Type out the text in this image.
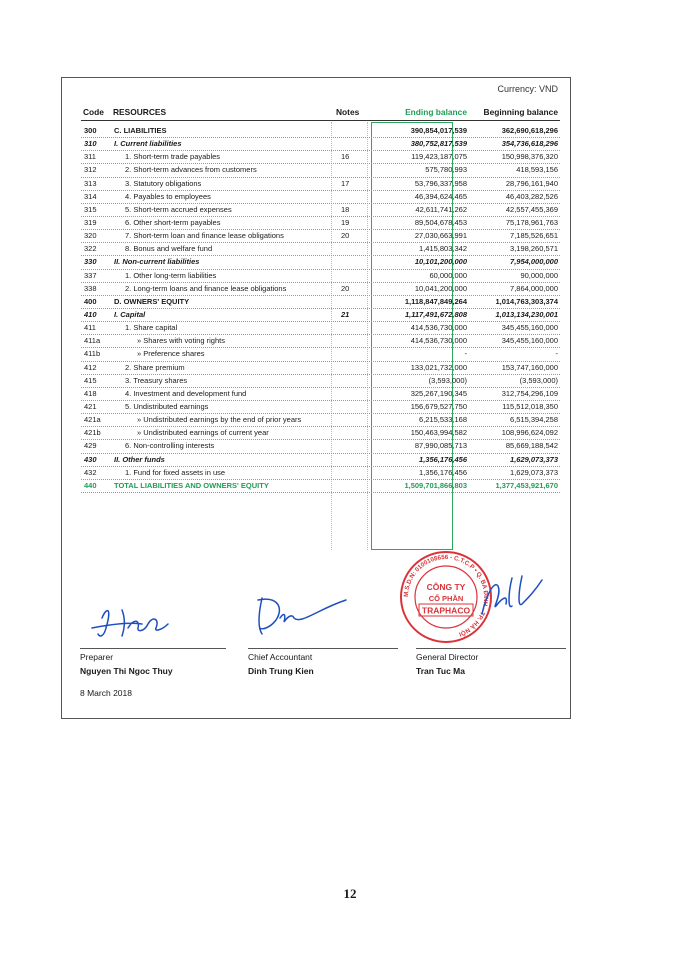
Currency: VND
Code RESOURCES	Notes	Ending balance Beginning balance
300 C. LIABILITIES	390,854,017,539	362,690,618,296
310 I. Current liabilities	380,752,817,539	354,736,618,296
311	1. Short-term trade payables	16	119,423,187,075	150,998,376,320
312	2. Short-term advances from customers	575,780,993	418,593,156
313	3. Statutory obligations	17	53,796,337,958	28,796,161,940
314	4. Payables to employees	46,394,624,465	46,403,282,526
315	5. Short-term accrued expenses	18	42,611,741,262	42,557,455,369
319	6. Other short-term payables	19	89,504,678,453	75,178,961,763
320	7. Short-term loan and finance lease obligations	20	27,030,663,991	7,185,526,651
322	8. Bonus and welfare fund	1,415,803,342	3,198,260,571
330 II. Non-current liabilities	10,101,200,000	7,954,000,000
337	1. Other long-term liabilities	60,000,000	90,000,000
338	2. Long-term loans and finance lease obligations	20	10,041,200,000	7,864,000,000
400 D. OWNERS' EQUITY	1,118,847,849,264	1,014,763,303,374
410 I. Capital	21	1,117,491,672,808	1,013,134,230,001
411	1. Share capital	414,536,730,000	345,455,160,000
411a	» Shares with voting rights	414,536,730,000	345,455,160,000
411b	» Preference shares	-	-
412	2. Share premium	133,021,732,000	153,747,160,000
415	3. Treasury shares	(3,593,000)	(3,593,000)
418	4. Investment and development fund	325,267,190,345	312,754,296,109
421	5. Undistributed earnings	156,679,527,750	115,512,018,350
421a	» Undistributed earnings by the end of prior years	6,215,533,168	6,515,394,258
421b	» Undistributed earnings of current year	150,463,994,582	108,996,624,092
429	6. Non-controlling interests	87,990,085,713	85,669,188,542
430 II. Other funds	1,356,176,456	1,629,073,373
432	1. Fund for fixed assets in use	1,356,176,456	1,629,073,373
440 TOTAL LIABILITIES AND OWNERS' EQUITY	1,509,701,866,803	1,377,453,921,670
M.S.D.N: 0100108656 - C.T.C.P • Q. BA ĐÌNH - TP. HÀ NỘI
CÔNG TY
CỔ PHẦN
TRAPHACO
Preparer
Nguyen Thi Ngoc Thuy
Chief Accountant
Dinh Trung Kien
General Director
Tran Tuc Ma
8 March 2018
12
